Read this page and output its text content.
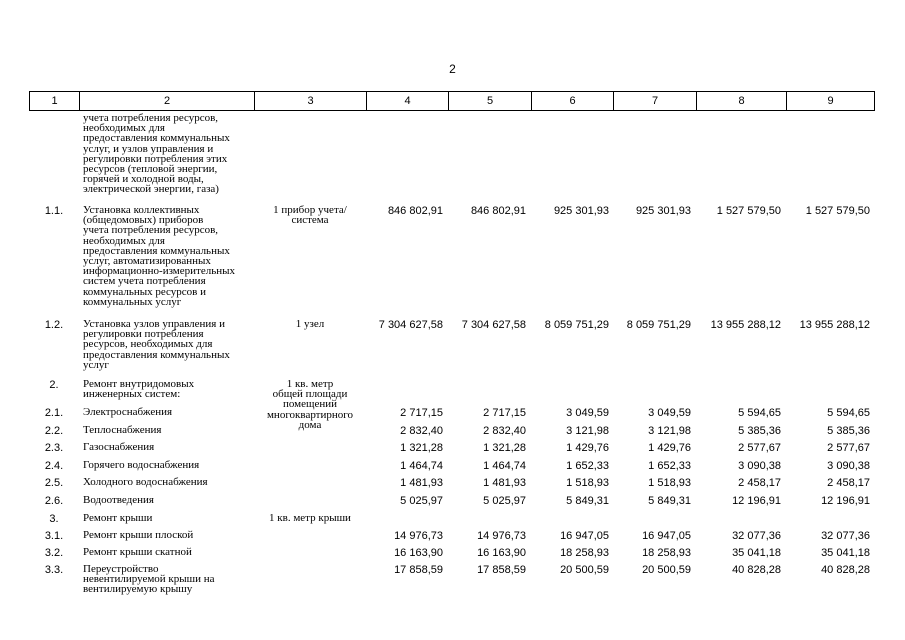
2
1	2	3	4	5	6	7	8	9
учета потребления ресурсов,
необходимых для
предоставления коммунальных
услуг, и узлов управления и
регулировки потребления этих
ресурсов (тепловой энергии,
горячей и холодной воды,
электрической энергии, газа)
1.1.	Установка коллективных
(общедомовых) приборов
учета потребления ресурсов,
необходимых для
предоставления коммунальных
услуг, автоматизированных
информационно-измерительных
систем учета потребления
коммунальных ресурсов и
коммунальных услуг
1 прибор учета/
система
846 802,91	846 802,91	925 301,93	925 301,93	1 527 579,50	1 527 579,50
1.2.	Установка узлов управления и
регулировки потребления
ресурсов, необходимых для
предоставления коммунальных
услуг
1 узел	7 304 627,58	7 304 627,58	8 059 751,29	8 059 751,29	13 955 288,12	13 955 288,12
2.	Ремонт внутридомовых
инженерных систем:
1 кв. метр
общей площади
помещений
многоквартирного
дома
2.1.	Электроснабжения	2 717,15	2 717,15	3 049,59	3 049,59	5 594,65	5 594,65
2.2.	Теплоснабжения	2 832,40	2 832,40	3 121,98	3 121,98	5 385,36	5 385,36
2.3.	Газоснабжения	1 321,28	1 321,28	1 429,76	1 429,76	2 577,67	2 577,67
2.4.	Горячего водоснабжения	1 464,74	1 464,74	1 652,33	1 652,33	3 090,38	3 090,38
2.5.	Холодного водоснабжения	1 481,93	1 481,93	1 518,93	1 518,93	2 458,17	2 458,17
2.6.	Водоотведения	5 025,97	5 025,97	5 849,31	5 849,31	12 196,91	12 196,91
3.	Ремонт крыши	1 кв. метр крыши
3.1.	Ремонт крыши плоской	14 976,73	14 976,73	16 947,05	16 947,05	32 077,36	32 077,36
3.2.	Ремонт крыши скатной	16 163,90	16 163,90	18 258,93	18 258,93	35 041,18	35 041,18
3.3.	Переустройство
невентилируемой крыши на
вентилируемую крышу
17 858,59	17 858,59	20 500,59	20 500,59	40 828,28	40 828,28
